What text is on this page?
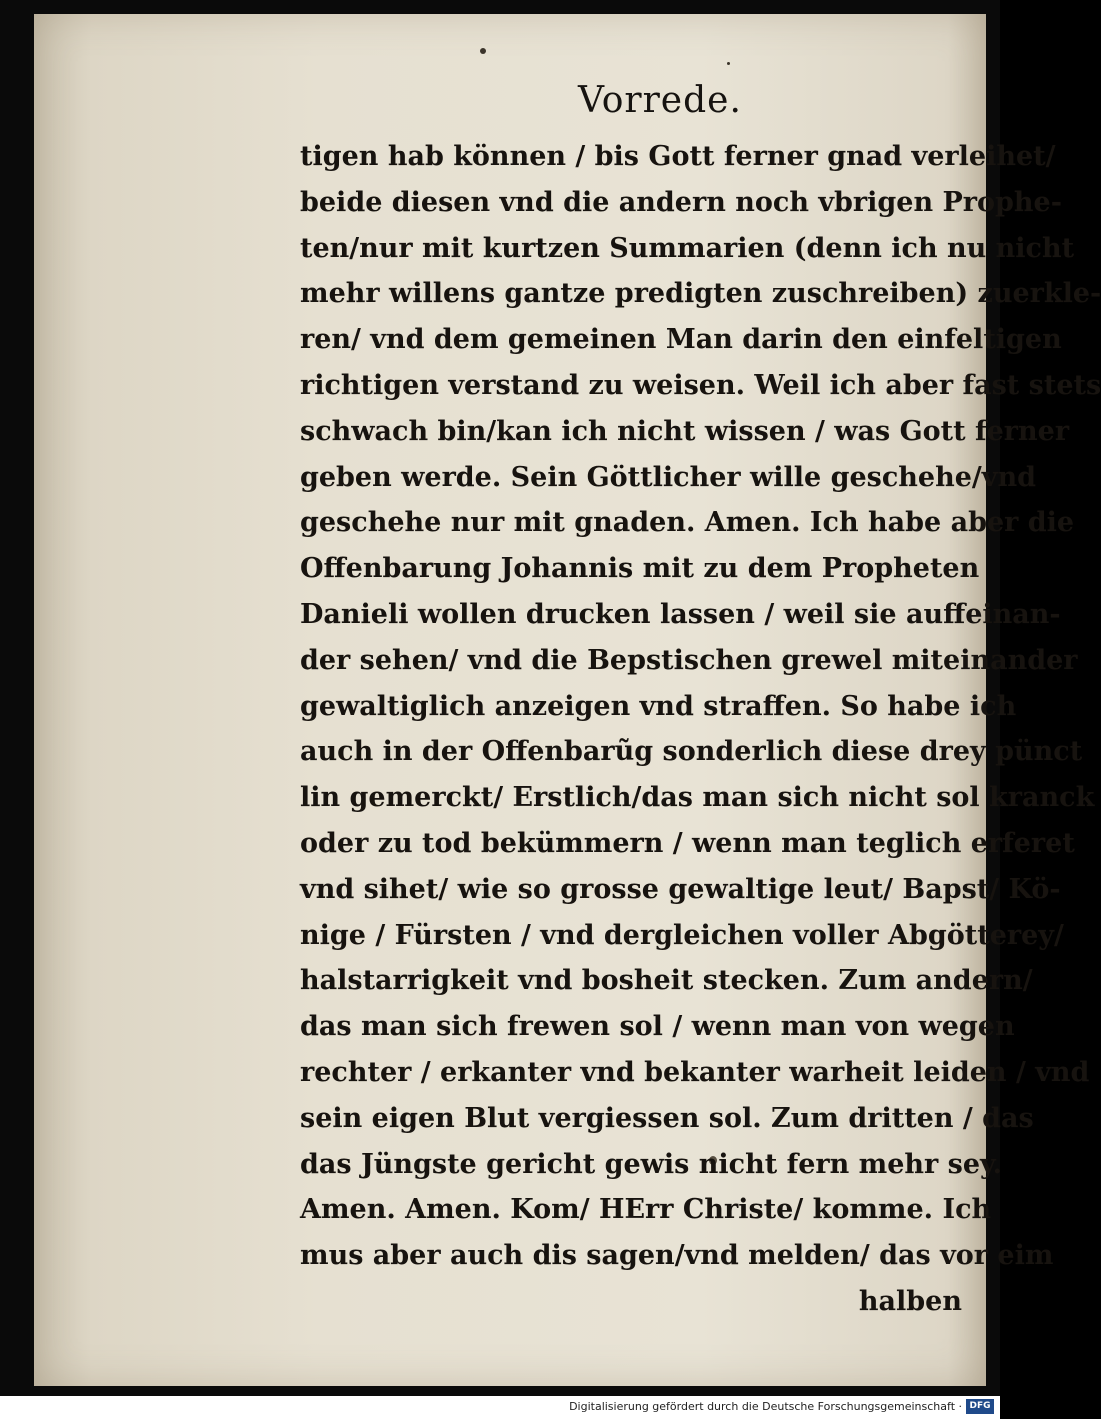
Vorrede.
tigen hab können / bis Gott ferner gnad verleihet/
beide diesen vnd die andern noch vbrigen Prophe-
ten/nur mit kurtzen Summarien (denn ich nu nicht
mehr willens gantze predigten zuschreiben) zuerkle-
ren/ vnd dem gemeinen Man darin den einfeltigen
richtigen verstand zu weisen. Weil ich aber fast stets
schwach bin/kan ich nicht wissen / was Gott ferner
geben werde. Sein Göttlicher wille geschehe/vnd
geschehe nur mit gnaden. Amen. Ich habe aber die
Offenbarung Johannis mit zu dem Propheten
Danieli wollen drucken lassen / weil sie auffeinan-
der sehen/ vnd die Bepstischen grewel miteinander
gewaltiglich anzeigen vnd straffen. So habe ich
auch in der Offenbarũg sonderlich diese drey pünct
lin gemerckt/ Erstlich/das man sich nicht sol kranck
oder zu tod bekümmern / wenn man teglich erferet
vnd sihet/ wie so grosse gewaltige leut/ Bapst/ Kö-
nige / Fürsten / vnd dergleichen voller Abgötterey/
halstarrigkeit vnd bosheit stecken. Zum andern/
das man sich frewen sol / wenn man von wegen
rechter / erkanter vnd bekanter warheit leiden / vnd
sein eigen Blut vergiessen sol. Zum dritten / das
das Jüngste gericht gewis nicht fern mehr sey.
Amen. Amen. Kom/ HErr Christe/ komme. Ich
mus aber auch dis sagen/vnd melden/ das vor eim
halben
Digitalisierung gefördert durch die Deutsche Forschungsgemeinschaft · DFG
